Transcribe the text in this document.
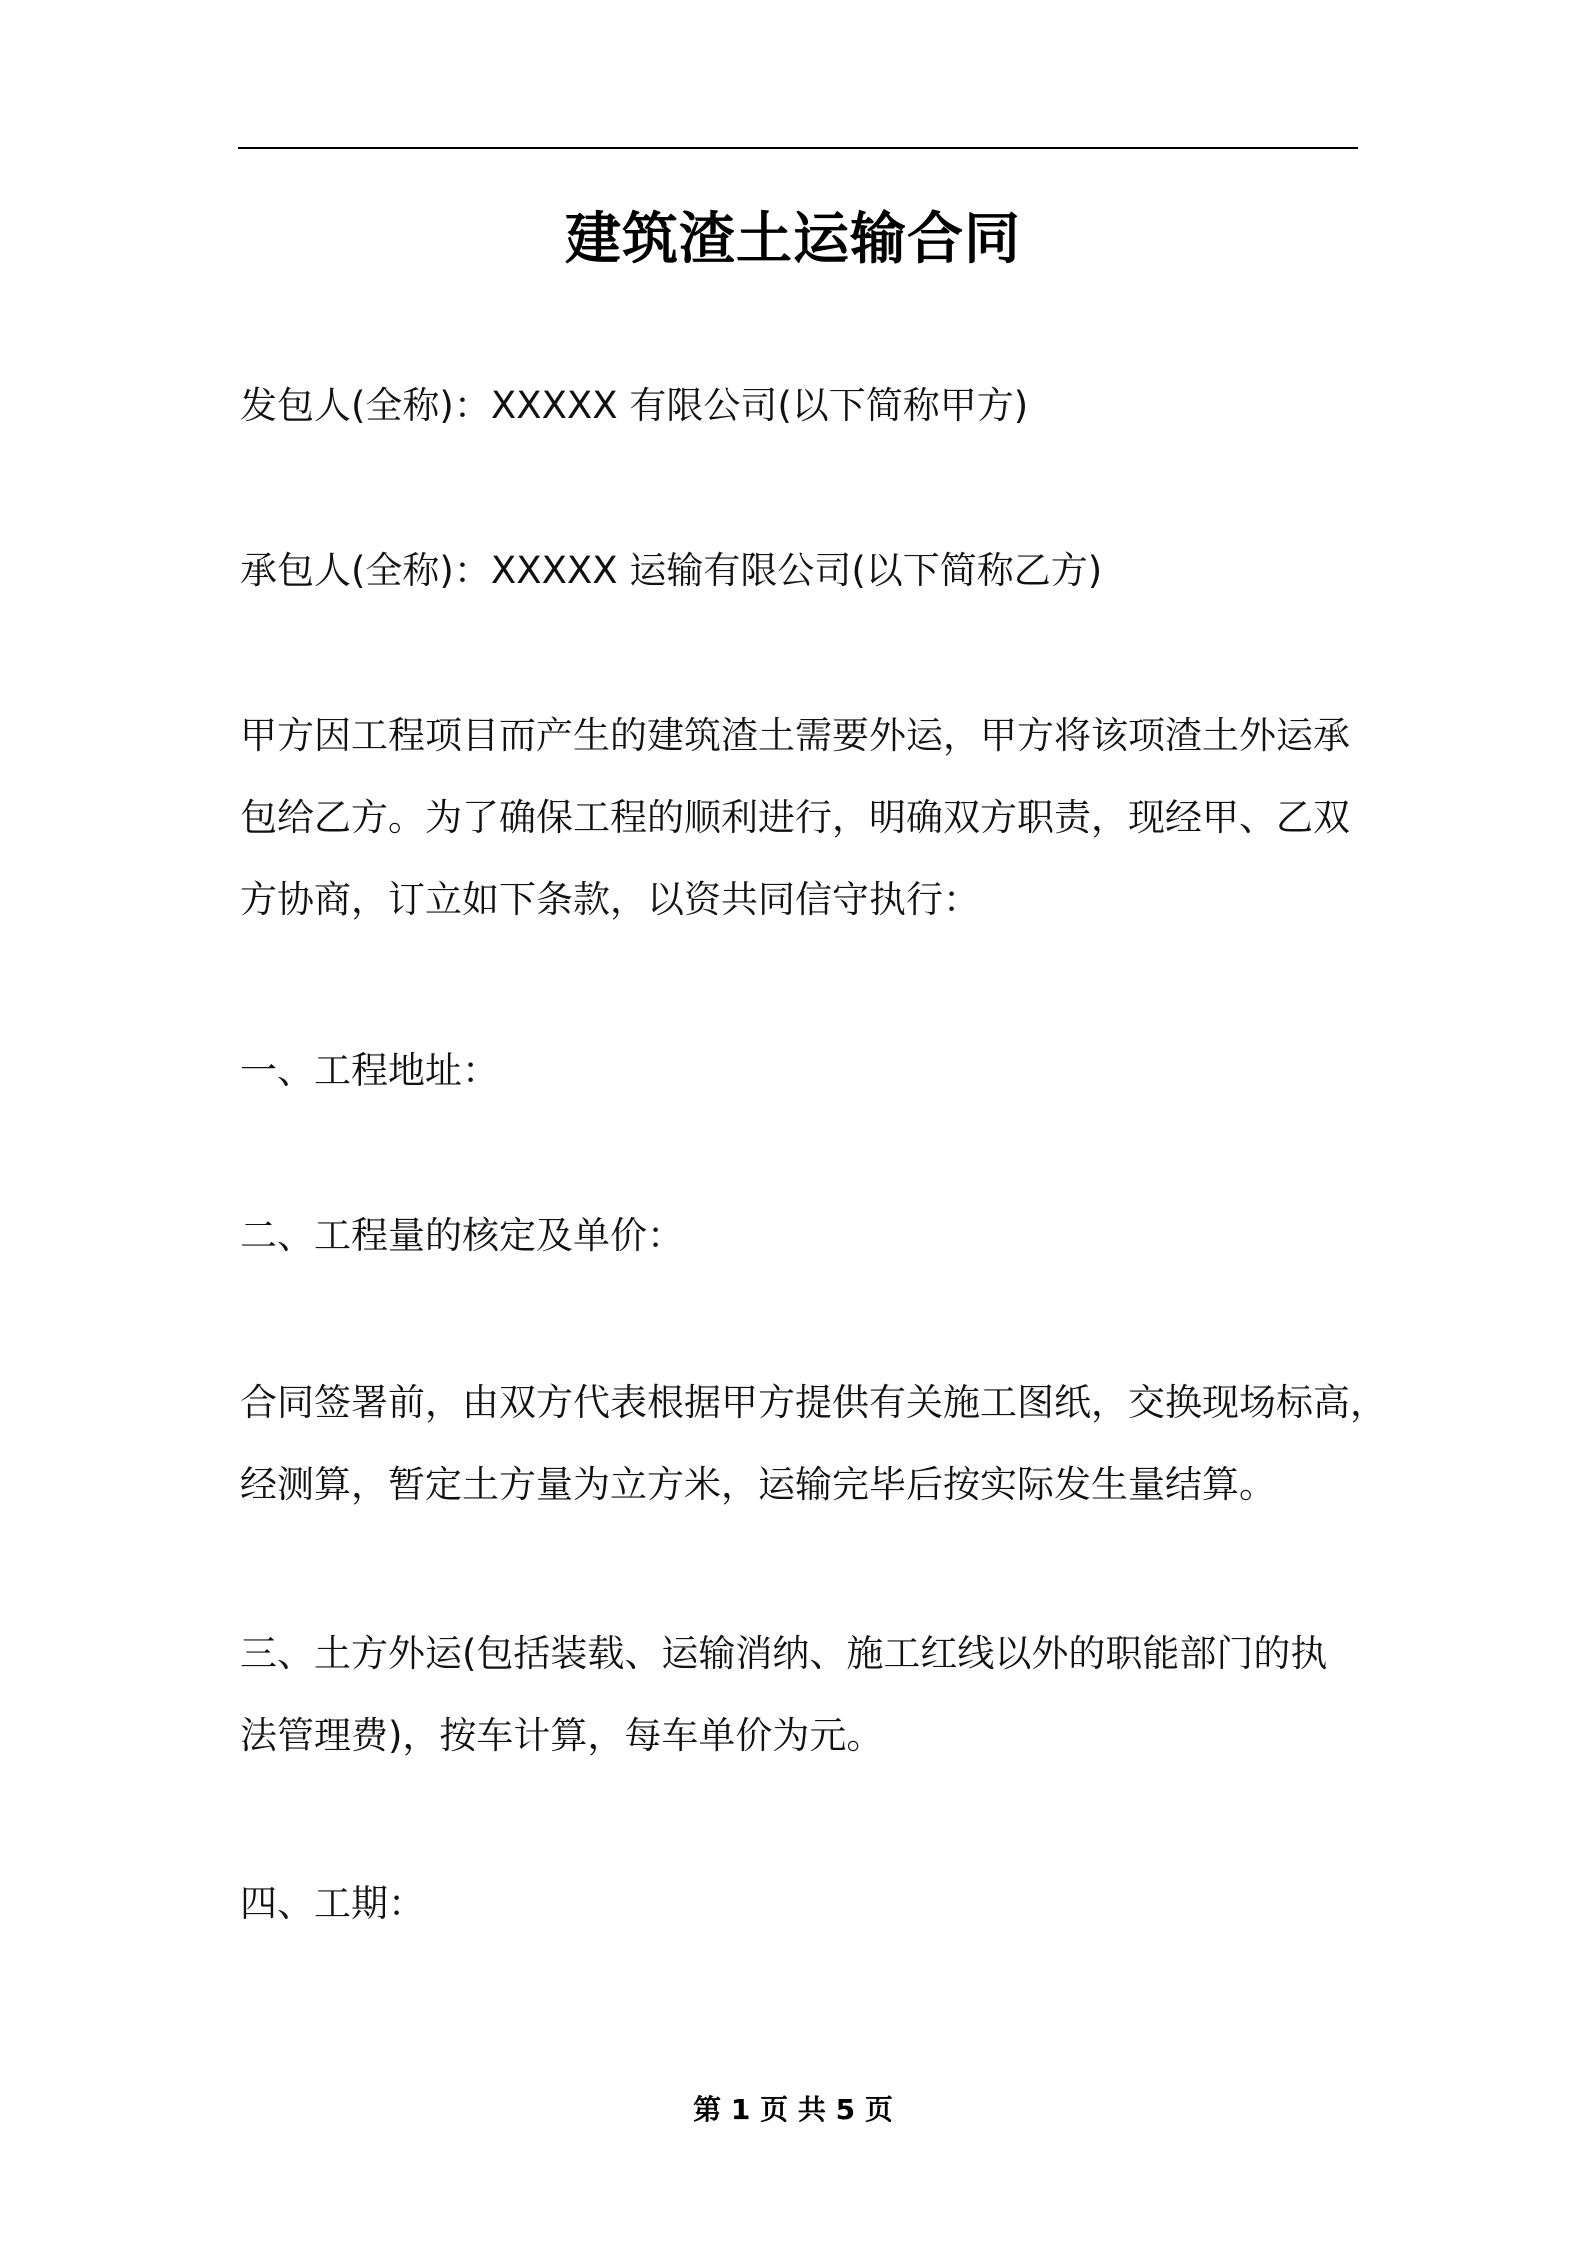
建筑渣土运输合同
发包人(全称)：XXXXX 有限公司(以下简称甲方)
承包人(全称)：XXXXX 运输有限公司(以下简称乙方)
甲方因工程项目而产生的建筑渣土需要外运，甲方将该项渣土外运承
包给乙方。为了确保工程的顺利进行，明确双方职责，现经甲、乙双
方协商，订立如下条款，以资共同信守执行：
一、工程地址：
二、工程量的核定及单价：
合同签署前，由双方代表根据甲方提供有关施工图纸，交换现场标高，
经测算，暂定土方量为立方米，运输完毕后按实际发生量结算。
三、土方外运(包括装载、运输消纳、施工红线以外的职能部门的执
法管理费)，按车计算，每车单价为元。
四、工期：
第 1 页 共 5 页
